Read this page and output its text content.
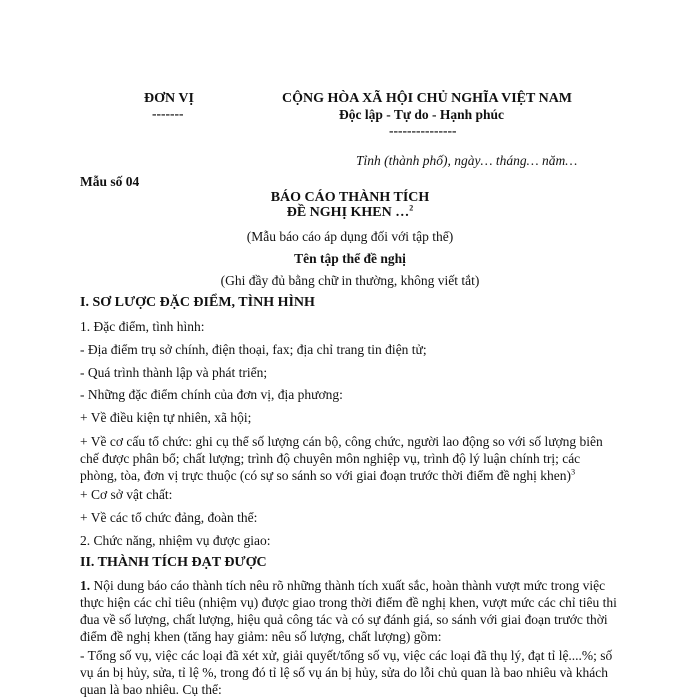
ĐƠN VỊ
-------
CỘNG HÒA XÃ HỘI CHỦ NGHĨA VIỆT NAM
Độc lập - Tự do - Hạnh phúc
---------------
Tỉnh (thành phố), ngày… tháng… năm…
Mẫu số 04
BÁO CÁO THÀNH TÍCH
ĐỀ NGHỊ KHEN …$^2$
(Mẫu báo cáo áp dụng đối với tập thể)
Tên tập thể đề nghị
(Ghi đầy đủ bằng chữ in thường, không viết tắt)
I. SƠ LƯỢC ĐẶC ĐIỂM, TÌNH HÌNH
1. Đặc điểm, tình hình:
- Địa điểm trụ sở chính, điện thoại, fax; địa chỉ trang tin điện tử;
- Quá trình thành lập và phát triển;
- Những đặc điểm chính của đơn vị, địa phương:
+ Về điều kiện tự nhiên, xã hội;
+ Về cơ cấu tổ chức: ghi cụ thể số lượng cán bộ, công chức, người lao động so với số lượng biên chế được phân bổ; chất lượng; trình độ chuyên môn nghiệp vụ, trình độ lý luận chính trị; các phòng, tòa, đơn vị trực thuộc (có sự so sánh so với giai đoạn trước thời điểm đề nghị khen)$^3$
+ Cơ sở vật chất:
+ Về các tổ chức đảng, đoàn thể:
2. Chức năng, nhiệm vụ được giao:
II. THÀNH TÍCH ĐẠT ĐƯỢC
1. Nội dung báo cáo thành tích nêu rõ những thành tích xuất sắc, hoàn thành vượt mức trong việc thực hiện các chỉ tiêu (nhiệm vụ) được giao trong thời điểm đề nghị khen, vượt mức các chỉ tiêu thi đua về số lượng, chất lượng, hiệu quả công tác và có sự đánh giá, so sánh với giai đoạn trước thời điểm đề nghị khen (tăng hay giảm: nêu số lượng, chất lượng) gồm:
- Tổng số vụ, việc các loại đã xét xử, giải quyết/tổng số vụ, việc các loại đã thụ lý, đạt tỉ lệ....%; số vụ án bị hủy, sửa, tỉ lệ %, trong đó tỉ lệ số vụ án bị hủy, sửa do lỗi chủ quan là bao nhiêu và khách quan là bao nhiêu. Cụ thể:
